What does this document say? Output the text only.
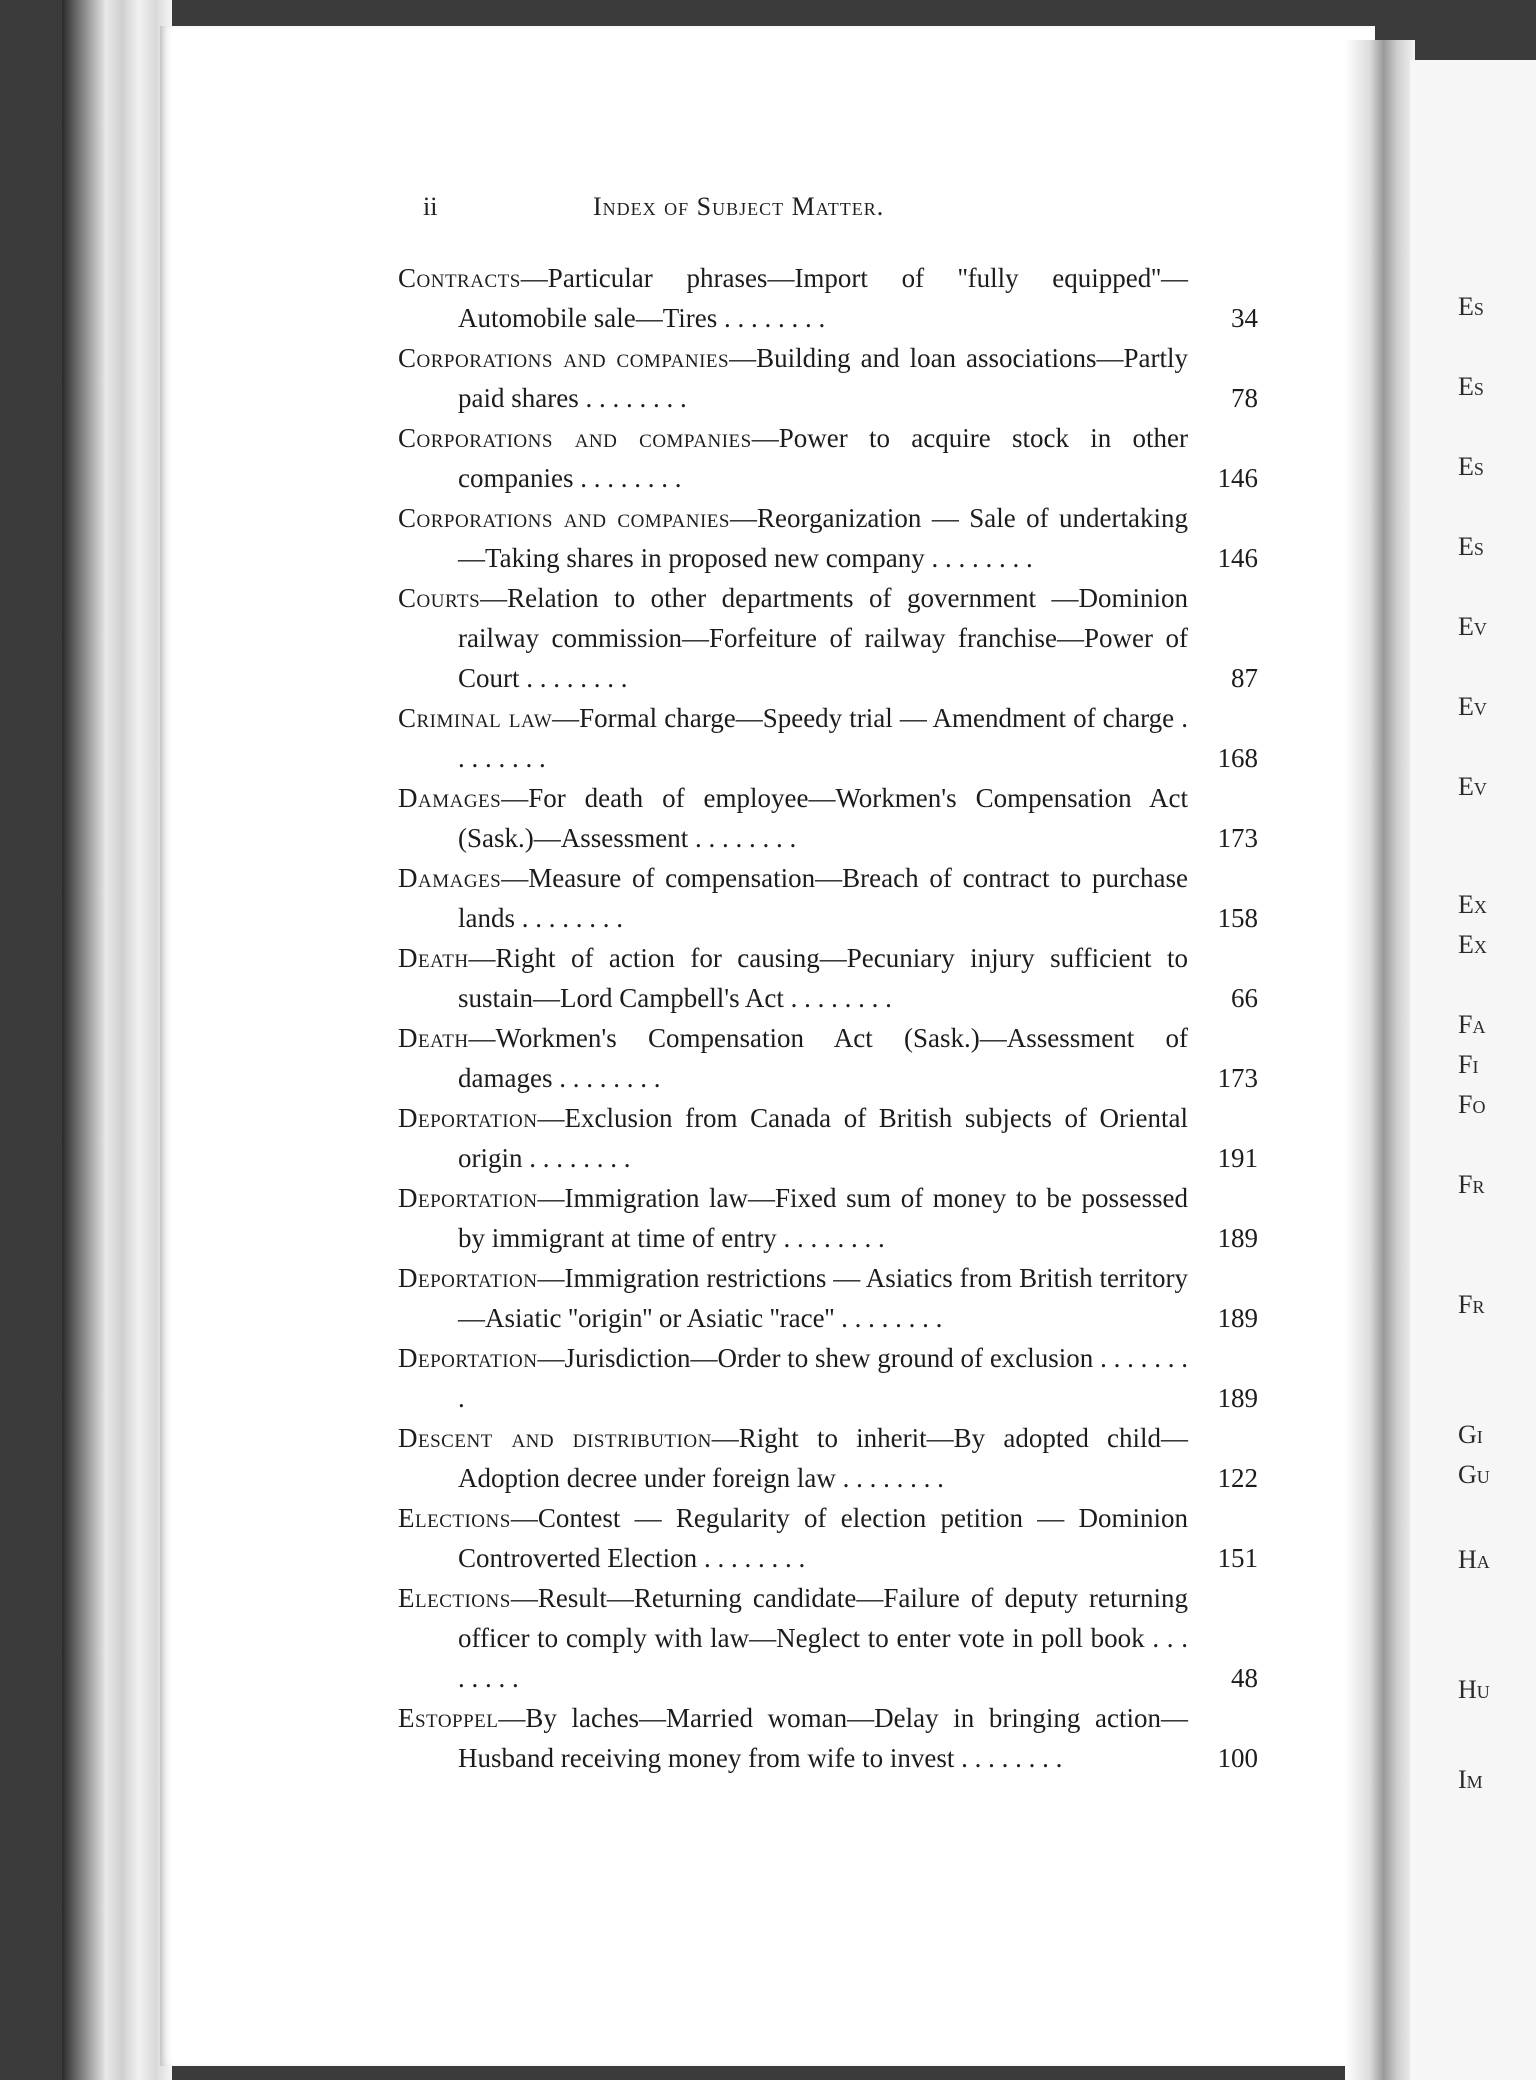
ii	Index of Subject Matter.
Contracts—Particular phrases—Import of ''fully equipped''—Automobile sale—Tires . . . . . . . .	34
Corporations and companies—Building and loan associations—Partly paid shares . . . . . . . .	78
Corporations and companies—Power to acquire stock in other companies . . . . . . . .	146
Corporations and companies—Reorganization — Sale of undertaking—Taking shares in proposed new company . . . . . . . .	146
Courts—Relation to other departments of government —Dominion railway commission—Forfeiture of railway franchise—Power of Court . . . . . . . .	87
Criminal law—Formal charge—Speedy trial — Amendment of charge . . . . . . . .	168
Damages—For death of employee—Workmen's Compensation Act (Sask.)—Assessment . . . . . . . .	173
Damages—Measure of compensation—Breach of contract to purchase lands . . . . . . . .	158
Death—Right of action for causing—Pecuniary injury sufficient to sustain—Lord Campbell's Act . . . . . . . .	66
Death—Workmen's Compensation Act (Sask.)—Assessment of damages . . . . . . . .	173
Deportation—Exclusion from Canada of British subjects of Oriental origin . . . . . . . .	191
Deportation—Immigration law—Fixed sum of money to be possessed by immigrant at time of entry . . . . . . . .	189
Deportation—Immigration restrictions — Asiatics from British territory—Asiatic ''origin'' or Asiatic ''race'' . . . . . . . .	189
Deportation—Jurisdiction—Order to shew ground of exclusion . . . . . . . .	189
Descent and distribution—Right to inherit—By adopted child—Adoption decree under foreign law . . . . . . . .	122
Elections—Contest — Regularity of election petition — Dominion Controverted Election . . . . . . . .	151
Elections—Result—Returning candidate—Failure of deputy returning officer to comply with law—Neglect to enter vote in poll book . . . . . . . .	48
Estoppel—By laches—Married woman—Delay in bringing action—Husband receiving money from wife to invest . . . . . . . .	100
Es
Es
Es
Es
Ev
Ev
Ev
Ex
Ex
Fa
Fi
Fo
Fr
Fr
Gi
Gu
Ha
Hu
Im
